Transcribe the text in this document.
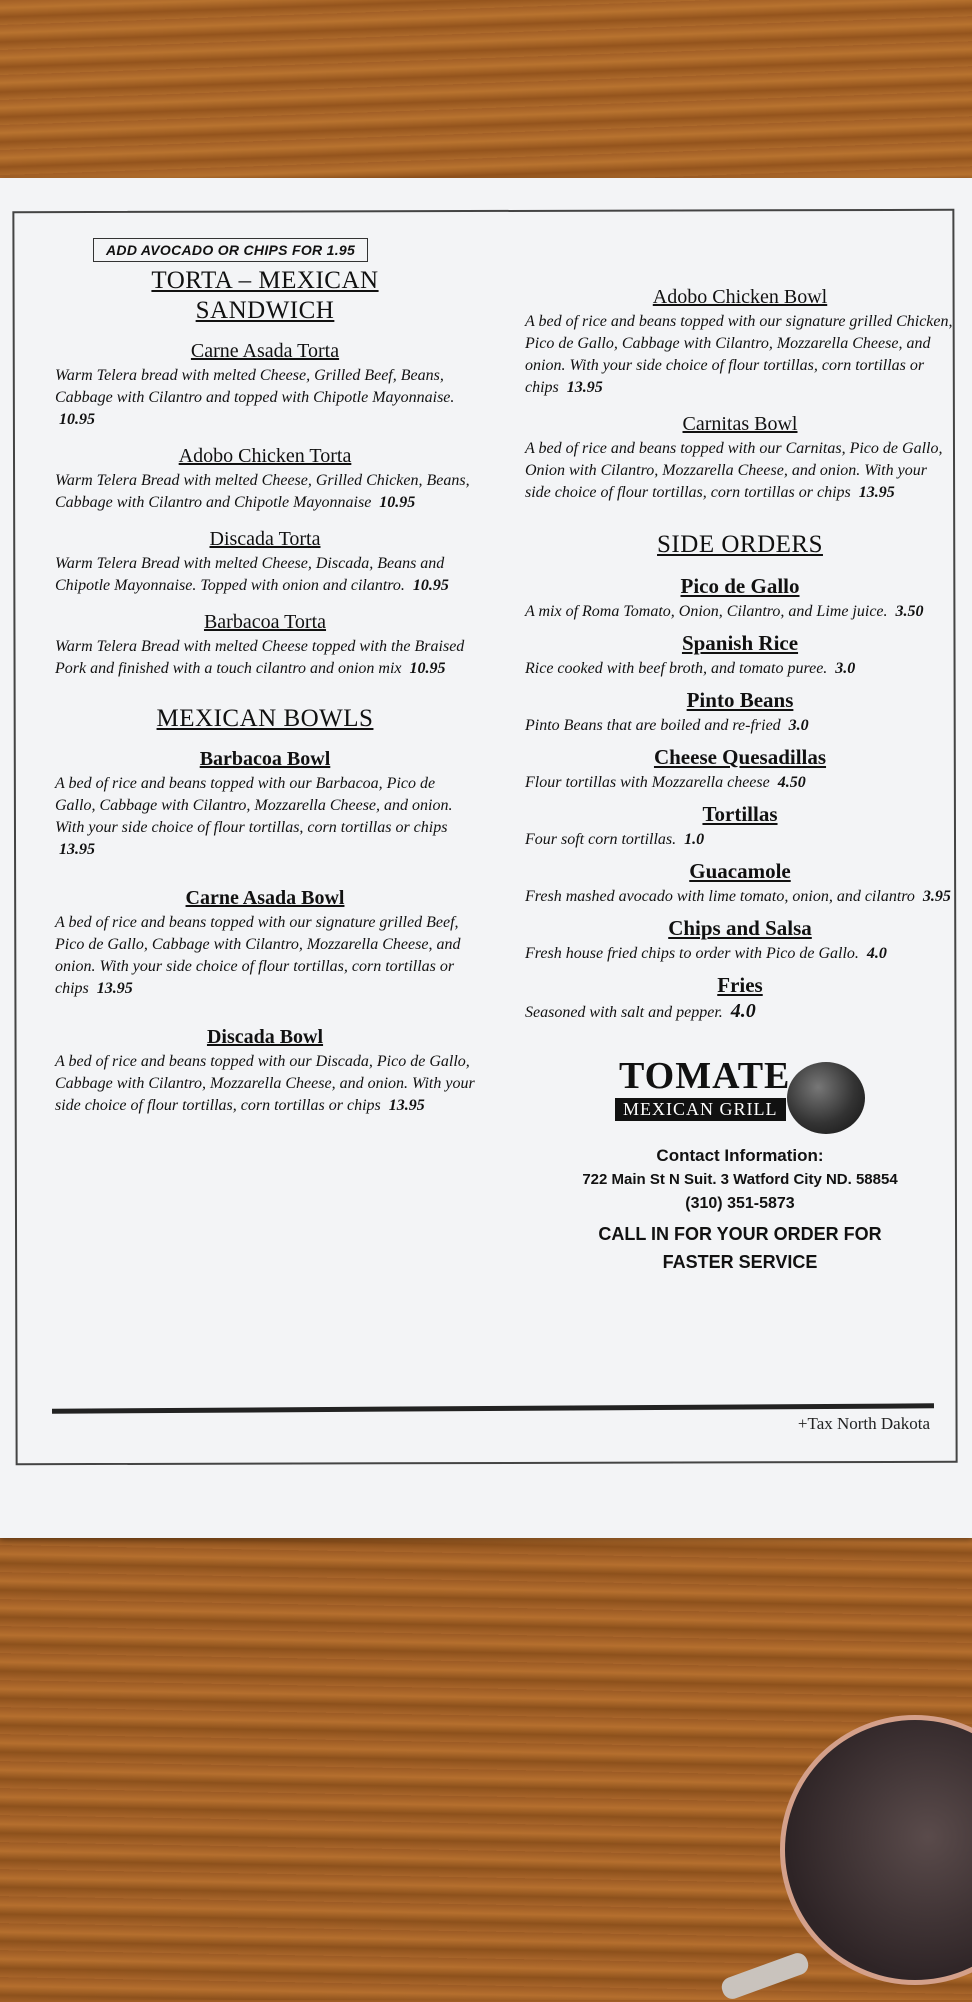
ADD AVOCADO OR CHIPS FOR 1.95
TORTA – MEXICAN
SANDWICH
Carne Asada Torta
Warm Telera bread with melted Cheese, Grilled Beef, Beans, Cabbage with Cilantro and topped with Chipotle Mayonnaise. 10.95
Adobo Chicken Torta
Warm Telera Bread with melted Cheese, Grilled Chicken, Beans, Cabbage with Cilantro and Chipotle Mayonnaise 10.95
Discada Torta
Warm Telera Bread with melted Cheese, Discada, Beans and Chipotle Mayonnaise. Topped with onion and cilantro. 10.95
Barbacoa Torta
Warm Telera Bread with melted Cheese topped with the Braised Pork and finished with a touch cilantro and onion mix 10.95
MEXICAN BOWLS
Barbacoa Bowl
A bed of rice and beans topped with our Barbacoa, Pico de Gallo, Cabbage with Cilantro, Mozzarella Cheese, and onion. With your side choice of flour tortillas, corn tortillas or chips 13.95
Carne Asada Bowl
A bed of rice and beans topped with our signature grilled Beef, Pico de Gallo, Cabbage with Cilantro, Mozzarella Cheese, and onion. With your side choice of flour tortillas, corn tortillas or chips 13.95
Discada Bowl
A bed of rice and beans topped with our Discada, Pico de Gallo, Cabbage with Cilantro, Mozzarella Cheese, and onion. With your side choice of flour tortillas, corn tortillas or chips 13.95
Adobo Chicken Bowl
A bed of rice and beans topped with our signature grilled Chicken, Pico de Gallo, Cabbage with Cilantro, Mozzarella Cheese, and onion. With your side choice of flour tortillas, corn tortillas or chips 13.95
Carnitas Bowl
A bed of rice and beans topped with our Carnitas, Pico de Gallo, Onion with Cilantro, Mozzarella Cheese, and onion. With your side choice of flour tortillas, corn tortillas or chips 13.95
SIDE ORDERS
Pico de Gallo
A mix of Roma Tomato, Onion, Cilantro, and Lime juice. 3.50
Spanish Rice
Rice cooked with beef broth, and tomato puree. 3.0
Pinto Beans
Pinto Beans that are boiled and re-fried 3.0
Cheese Quesadillas
Flour tortillas with Mozzarella cheese 4.50
Tortillas
Four soft corn tortillas. 1.0
Guacamole
Fresh mashed avocado with lime tomato, onion, and cilantro 3.95
Chips and Salsa
Fresh house fried chips to order with Pico de Gallo. 4.0
Fries
Seasoned with salt and pepper. 4.0
TOMATE
MEXICAN GRILL
Contact Information:
722 Main St N Suit. 3 Watford City ND. 58854
(310) 351-5873
CALL IN FOR YOUR ORDER FOR
FASTER SERVICE
+Tax North Dakota
